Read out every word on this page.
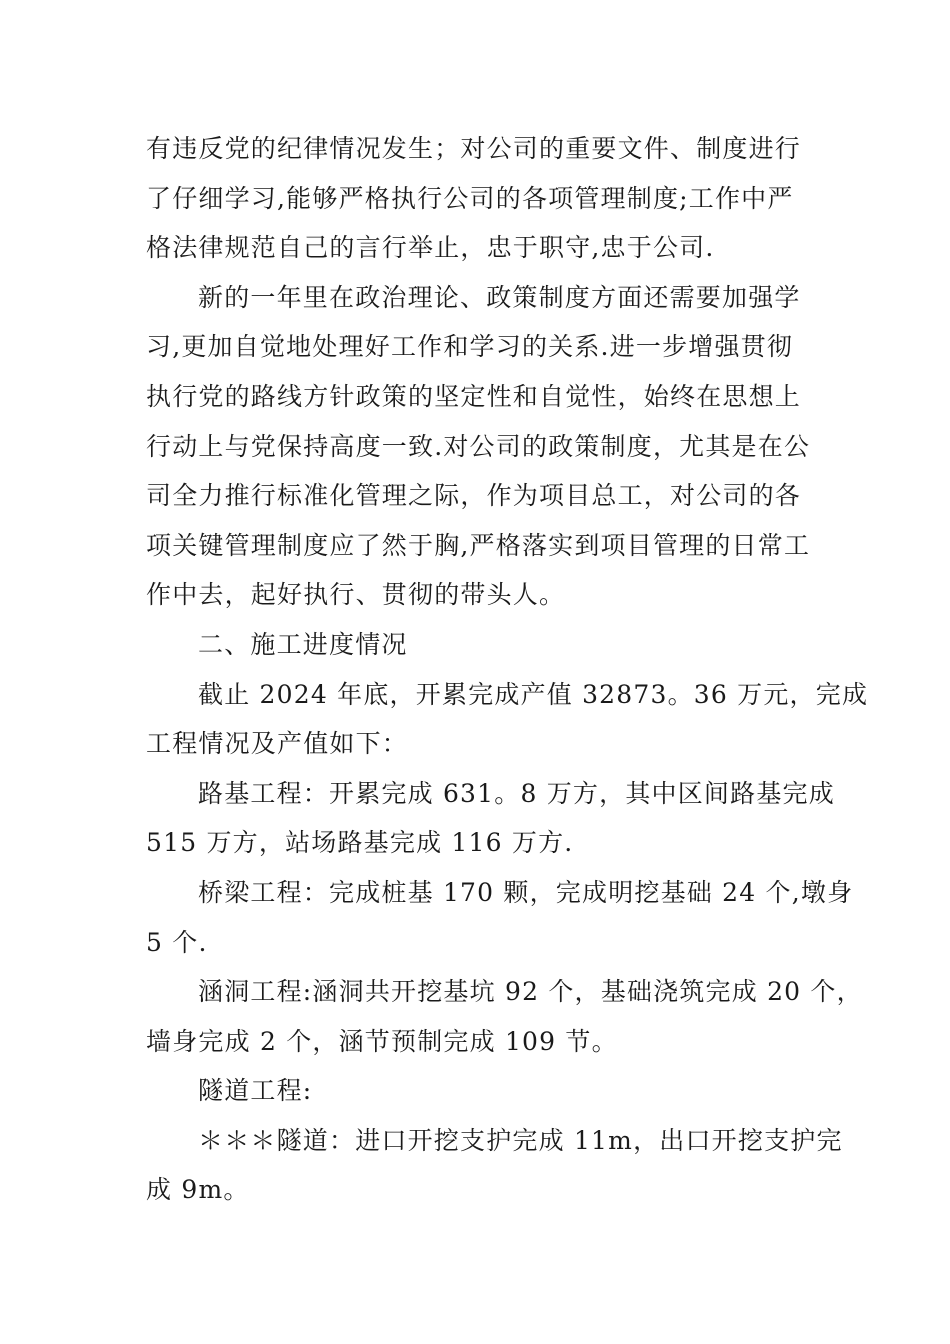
有违反党的纪律情况发生；对公司的重要文件、制度进行
了仔细学习,能够严格执行公司的各项管理制度;工作中严
格法律规范自己的言行举止，忠于职守,忠于公司.
新的一年里在政治理论、政策制度方面还需要加强学
习,更加自觉地处理好工作和学习的关系.进一步增强贯彻
执行党的路线方针政策的坚定性和自觉性，始终在思想上
行动上与党保持高度一致.对公司的政策制度，尤其是在公
司全力推行标准化管理之际，作为项目总工，对公司的各
项关键管理制度应了然于胸,严格落实到项目管理的日常工
作中去，起好执行、贯彻的带头人。
二、施工进度情况
截止 2024 年底，开累完成产值 32873。36 万元，完成
工程情况及产值如下：
路基工程：开累完成 631。8 万方，其中区间路基完成
515 万方，站场路基完成 116 万方.
桥梁工程：完成桩基 170 颗，完成明挖基础 24 个,墩身
5 个.
涵洞工程:涵洞共开挖基坑 92 个，基础浇筑完成 20 个，
墙身完成 2 个，涵节预制完成 109 节。
隧道工程:
＊＊＊隧道：进口开挖支护完成 11m，出口开挖支护完
成 9m。
